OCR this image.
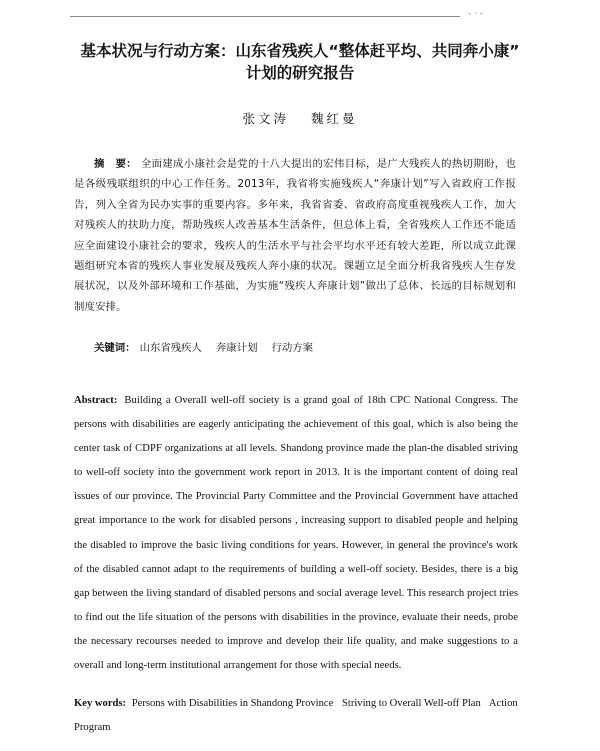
- · -
基本状况与行动方案：山东省残疾人“整体赶平均、共同奔小康”
计划的研究报告
张文涛 魏红曼
摘　要： 全面建成小康社会是党的十八大提出的宏伟目标，是广大残疾人的热切期盼，也是各级残联组织的中心工作任务。2013年，我省将实施残疾人“奔康计划”写入省政府工作报告，列入全省为民办实事的重要内容。多年来，我省省委、省政府高度重视残疾人工作，加大对残疾人的扶助力度，帮助残疾人改善基本生活条件，但总体上看，全省残疾人工作还不能适应全面建设小康社会的要求，残疾人的生活水平与社会平均水平还有较大差距，所以成立此课题组研究本省的残疾人事业发展及残疾人奔小康的状况。课题立足全面分析我省残疾人生存发展状况，以及外部环境和工作基础，为实施“残疾人奔康计划”做出了总体、长远的目标规划和制度安排。
关键词： 山东省残疾人 奔康计划 行动方案
Abstract: Building a Overall well-off society is a grand goal of 18th CPC National Congress. The persons with disabilities are eagerly anticipating the achievement of this goal, which is also being the center task of CDPF organizations at all levels. Shandong province made the plan-the disabled striving to well-off society into the government work report in 2013. It is the important content of doing real issues of our province. The Provincial Party Committee and the Provincial Government have attached great importance to the work for disabled persons , increasing support to disabled people and helping the disabled to improve the basic living conditions for years. However, in general the province's work of the disabled cannot adapt to the requirements of building a well-off society. Besides, there is a big gap between the living standard of disabled persons and social average level. This research project tries to find out the life situation of the persons with disabilities in the province, evaluate their needs, probe the necessary recourses needed to improve and develop their life quality, and make suggestions to a overall and long-term institutional arrangement for those with special needs.
Key words: Persons with Disabilities in Shandong Province Striving to Overall Well-off Plan Action Program
